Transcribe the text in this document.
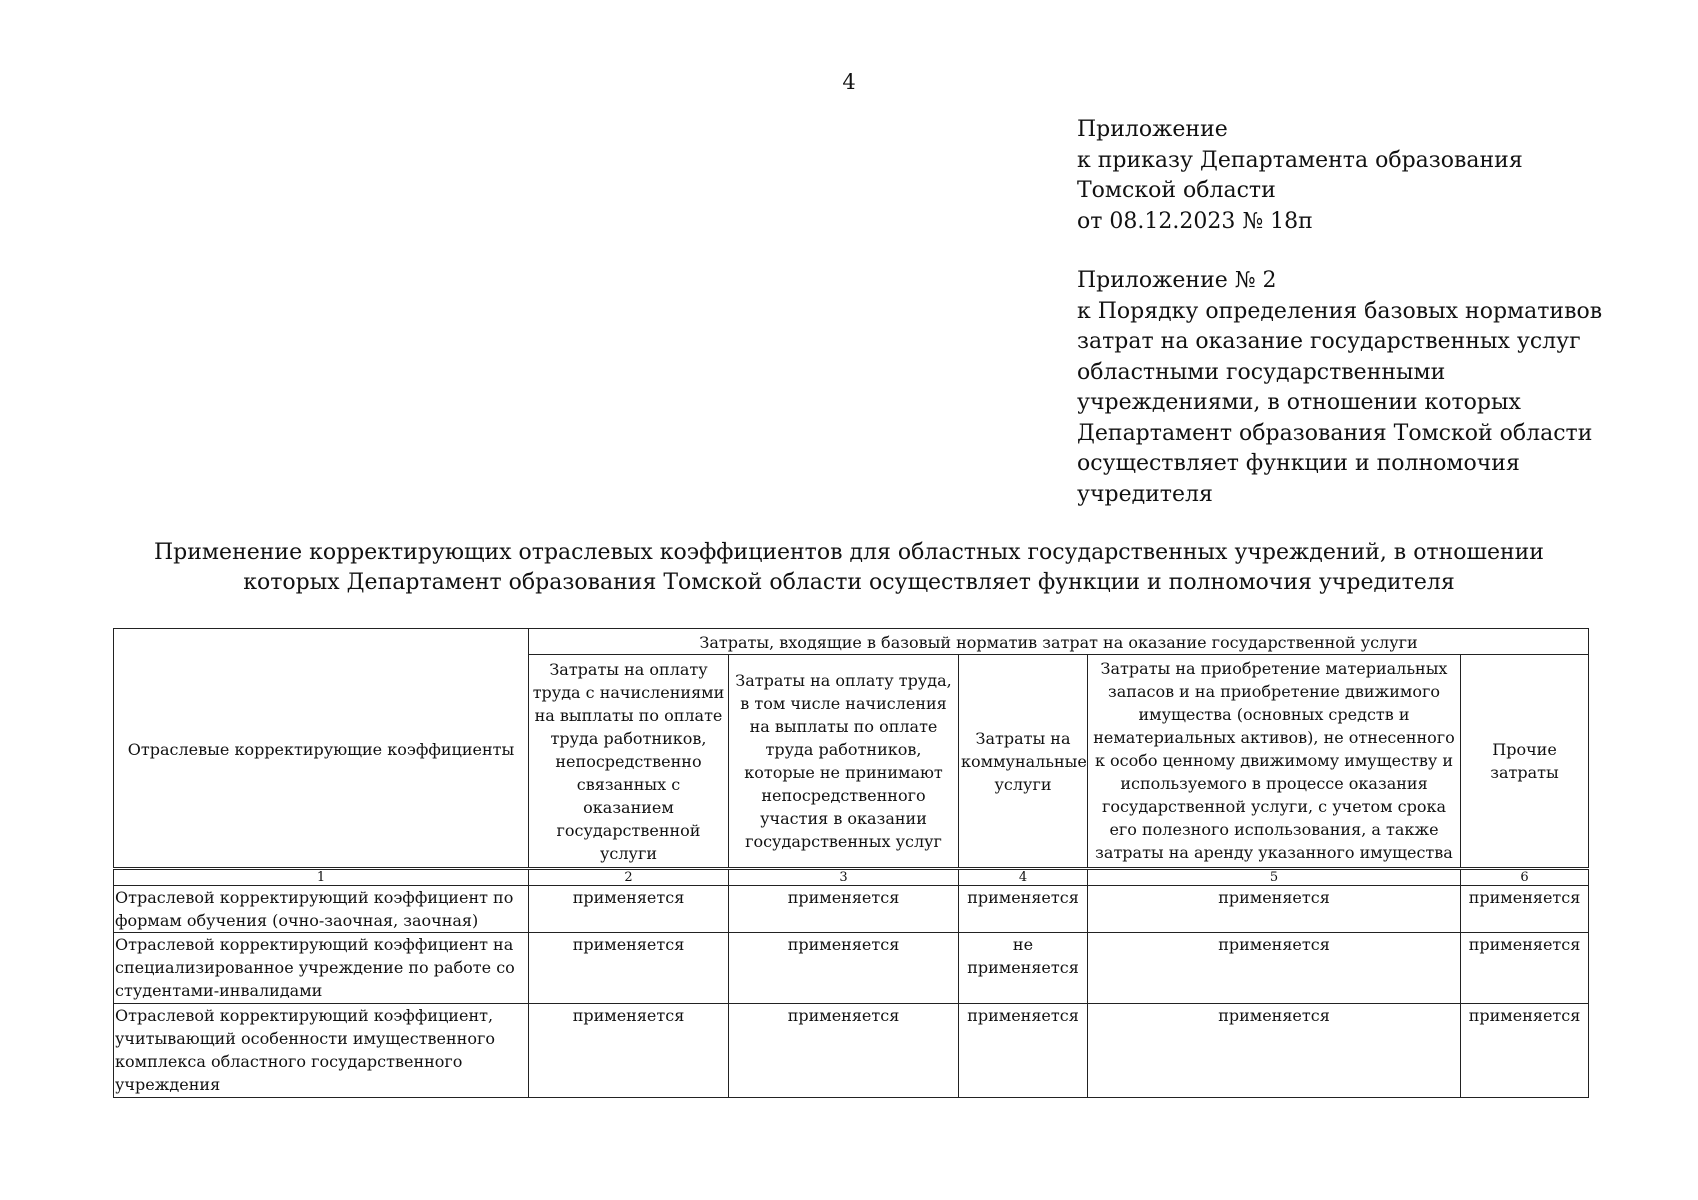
4
Приложение
к приказу Департамента образования
Томской области
от 08.12.2023 № 18п
Приложение № 2
к Порядку определения базовых нормативов
затрат на оказание государственных услуг
областными государственными
учреждениями, в отношении которых
Департамент образования Томской области
осуществляет функции и полномочия
учредителя
Применение корректирующих отраслевых коэффициентов для областных государственных учреждений, в отношении
которых Департамент образования Томской области осуществляет функции и полномочия учредителя
Отраслевые корректирующие коэффициенты	Затраты, входящие в базовый норматив затрат на оказание государственной услуги				
	Затраты на оплату труда с начислениями на выплаты по оплате труда работников, непосредственно связанных с оказанием государственной услуги	Затраты на оплату труда, в том числе начисления на выплаты по оплате труда работников, которые не принимают непосредственного участия в оказании государственных услуг	Затраты на коммунальные услуги	Затраты на приобретение материальных запасов и на приобретение движимого имущества (основных средств и нематериальных активов), не отнесенного к особо ценному движимому имуществу и используемого в процессе оказания государственной услуги, с учетом срока его полезного использования, а также затраты на аренду указанного имущества	Прочие затраты
1	2	3	4	5	6
Отраслевой корректирующий коэффициент по формам обучения (очно-заочная, заочная)	применяется	применяется	применяется	применяется	применяется
Отраслевой корректирующий коэффициент на специализированное учреждение по работе со студентами-инвалидами	применяется	применяется	не применяется	применяется	применяется
Отраслевой корректирующий коэффициент, учитывающий особенности имущественного комплекса областного государственного учреждения	применяется	применяется	применяется	применяется	применяется
